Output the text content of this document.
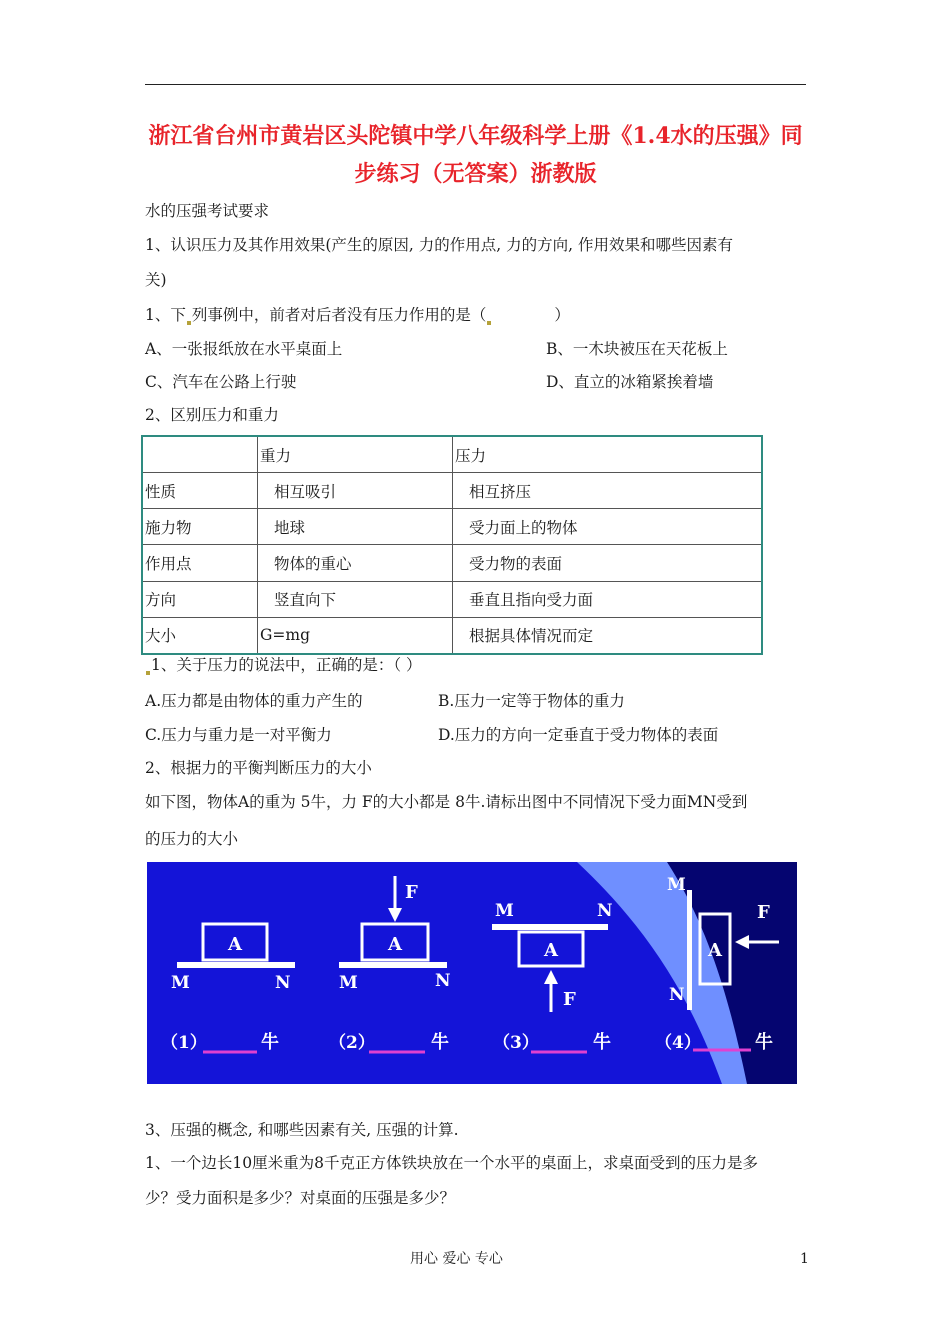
浙江省台州市黄岩区头陀镇中学八年级科学上册《1.4水的压强》同
步练习（无答案）浙教版
水的压强考试要求
1、认识压力及其作用效果(产生的原因, 力的作用点, 力的方向, 作用效果和哪些因素有
关)
1、下 列事例中，前者对后者没有压力作用的是（	）
A、一张报纸放在水平桌面上	B、一木块被压在天花板上
C、汽车在公路上行驶	D、直立的冰箱紧挨着墙
2、区别压力和重力
	重力	压力
性质	相互吸引	相互挤压
施力物	地球	受力面上的物体
作用点	物体的重心	受力物的表面
方向	竖直向下	垂直且指向受力面
大小	G=mg	根据具体情况而定
1、关于压力的说法中，正确的是：（ ）
A.压力都是由物体的重力产生的	B.压力一定等于物体的重力
C.压力与重力是一对平衡力	D.压力的方向一定垂直于受力物体的表面
2、根据力的平衡判断压力的大小
如下图，物体A的重为 5牛，力 F的大小都是 8牛.请标出图中不同情况下受力面MN受到
的压力的大小
A
M	N
（1）	牛
A
F
M	N
（2）	牛
M	N
A
F
（3）	牛
M
N
A
F
（4）	牛
3、压强的概念, 和哪些因素有关, 压强的计算.
1、一个边长10厘米重为8千克正方体铁块放在一个水平的桌面上，求桌面受到的压力是多
少？受力面积是多少？对桌面的压强是多少？
用心 爱心 专心	1
